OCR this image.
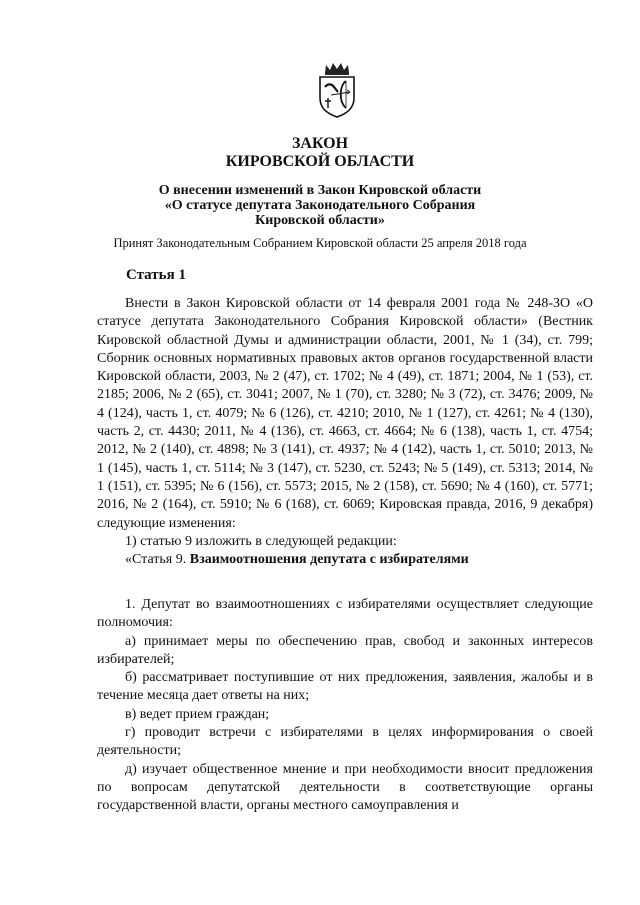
ЗАКОН
КИРОВСКОЙ ОБЛАСТИ
О внесении изменений в Закон Кировской области
«О статусе депутата Законодательного Собрания
Кировской области»
Принят Законодательным Собранием Кировской области 25 апреля 2018 года
Статья 1

Внести в Закон Кировской области от 14 февраля 2001 года № 248-ЗО «О статусе депутата Законодательного Собрания Кировской области» (Вестник Кировской областной Думы и администрации области, 2001, № 1 (34), ст. 799; Сборник основных нормативных правовых актов органов государственной власти Кировской области, 2003, № 2 (47), ст. 1702; № 4 (49), ст. 1871; 2004, № 1 (53), ст. 2185; 2006, № 2 (65), ст. 3041; 2007, № 1 (70), ст. 3280; № 3 (72), ст. 3476; 2009, № 4 (124), часть 1, ст. 4079; № 6 (126), ст. 4210; 2010, № 1 (127), ст. 4261; № 4 (130), часть 2, ст. 4430; 2011, № 4 (136), ст. 4663, ст. 4664; № 6 (138), часть 1, ст. 4754; 2012, № 2 (140), ст. 4898; № 3 (141), ст. 4937; № 4 (142), часть 1, ст. 5010; 2013, № 1 (145), часть 1, ст. 5114; № 3 (147), ст. 5230, ст. 5243; № 5 (149), ст. 5313; 2014, № 1 (151), ст. 5395; № 6 (156), ст. 5573; 2015, № 2 (158), ст. 5690; № 4 (160), ст. 5771; 2016, № 2 (164), ст. 5910; № 6 (168), ст. 6069; Кировская правда, 2016, 9 декабря) следующие изменения:

1) статью 9 изложить в следующей редакции:

«Статья 9. Взаимоотношения депутата с избирателями

1. Депутат во взаимоотношениях с избирателями осуществляет следующие полномочия:

а) принимает меры по обеспечению прав, свобод и законных интересов избирателей;

б) рассматривает поступившие от них предложения, заявления, жалобы и в течение месяца дает ответы на них;

в) ведет прием граждан;

г) проводит встречи с избирателями в целях информирования о своей деятельности;

д) изучает общественное мнение и при необходимости вносит предложения по вопросам депутатской деятельности в соответствующие органы государственной власти, органы местного самоуправления и
